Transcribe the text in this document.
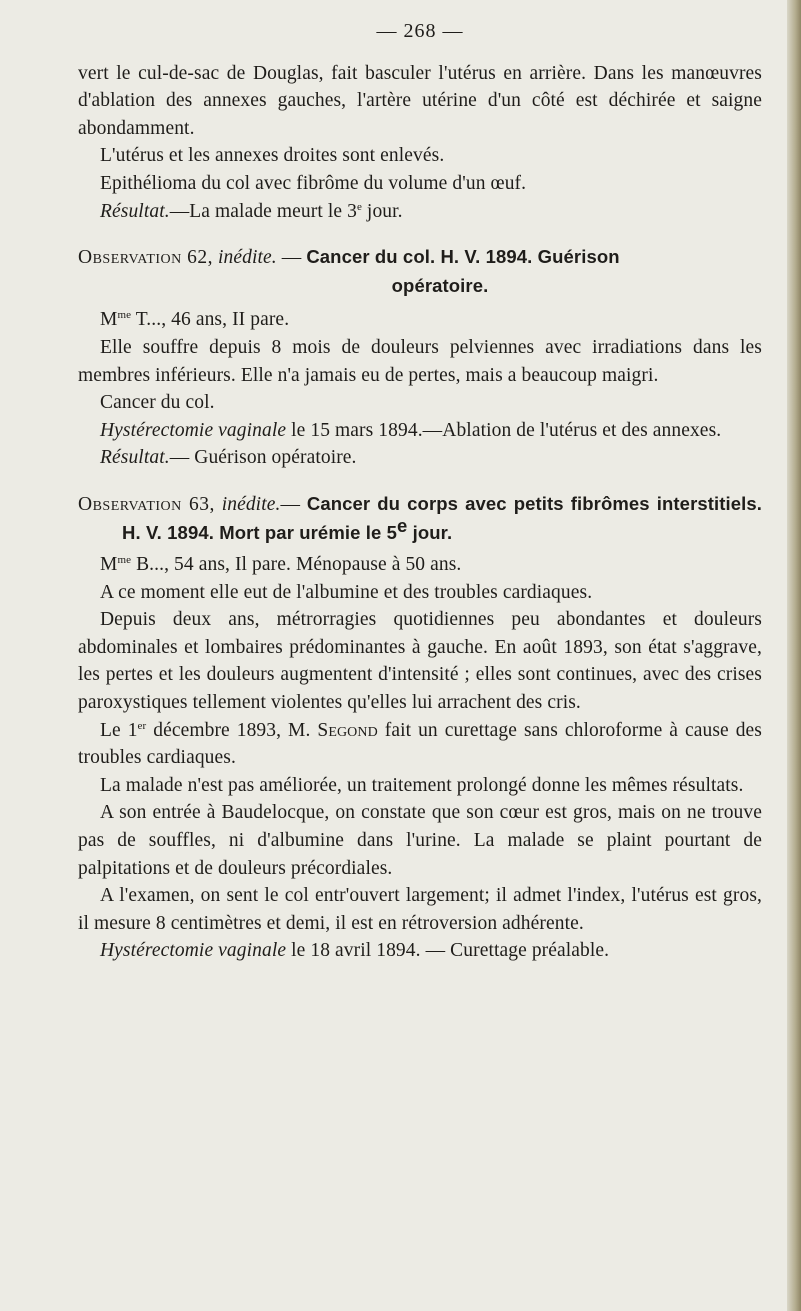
— 268 —

vert le cul-de-sac de Douglas, fait basculer l'utérus en arrière. Dans les manœuvres d'ablation des annexes gauches, l'artère utérine d'un côté est déchirée et saigne abondamment.

L'utérus et les annexes droites sont enlevés.

Epithélioma du col avec fibrôme du volume d'un œuf.

Résultat.—La malade meurt le 3e jour.

Observation 62, inédite. — Cancer du col. H. V. 1894. Guérison

opératoire.

$M^{me}$ T..., 46 ans, II pare.

Elle souffre depuis 8 mois de douleurs pelviennes avec irradiations dans les membres inférieurs. Elle n'a jamais eu de pertes, mais a beaucoup maigri.

Cancer du col.

Hystérectomie vaginale le 15 mars 1894.—Ablation de l'utérus et des annexes.

Résultat.— Guérison opératoire.

Observation 63, inédite.— Cancer du corps avec petits fibrômes interstitiels. H. V. 1894. Mort par urémie le 5e jour.

$M^{me}$ B..., 54 ans, Il pare. Ménopause à 50 ans.

A ce moment elle eut de l'albumine et des troubles cardiaques.

Depuis deux ans, métrorragies quotidiennes peu abondantes et douleurs abdominales et lombaires prédominantes à gauche. En août 1893, son état s'aggrave, les pertes et les douleurs augmentent d'intensité ; elles sont continues, avec des crises paroxystiques tellement violentes qu'elles lui arrachent des cris.

Le 1er décembre 1893, M. Segond fait un curettage sans chloroforme à cause des troubles cardiaques.

La malade n'est pas améliorée, un traitement prolongé donne les mêmes résultats.

A son entrée à Baudelocque, on constate que son cœur est gros, mais on ne trouve pas de souffles, ni d'albumine dans l'urine. La malade se plaint pourtant de palpitations et de douleurs précordiales.

A l'examen, on sent le col entr'ouvert largement; il admet l'index, l'utérus est gros, il mesure 8 centimètres et demi, il est en rétroversion adhérente.

Hystérectomie vaginale le 18 avril 1894. — Curettage préalable.
